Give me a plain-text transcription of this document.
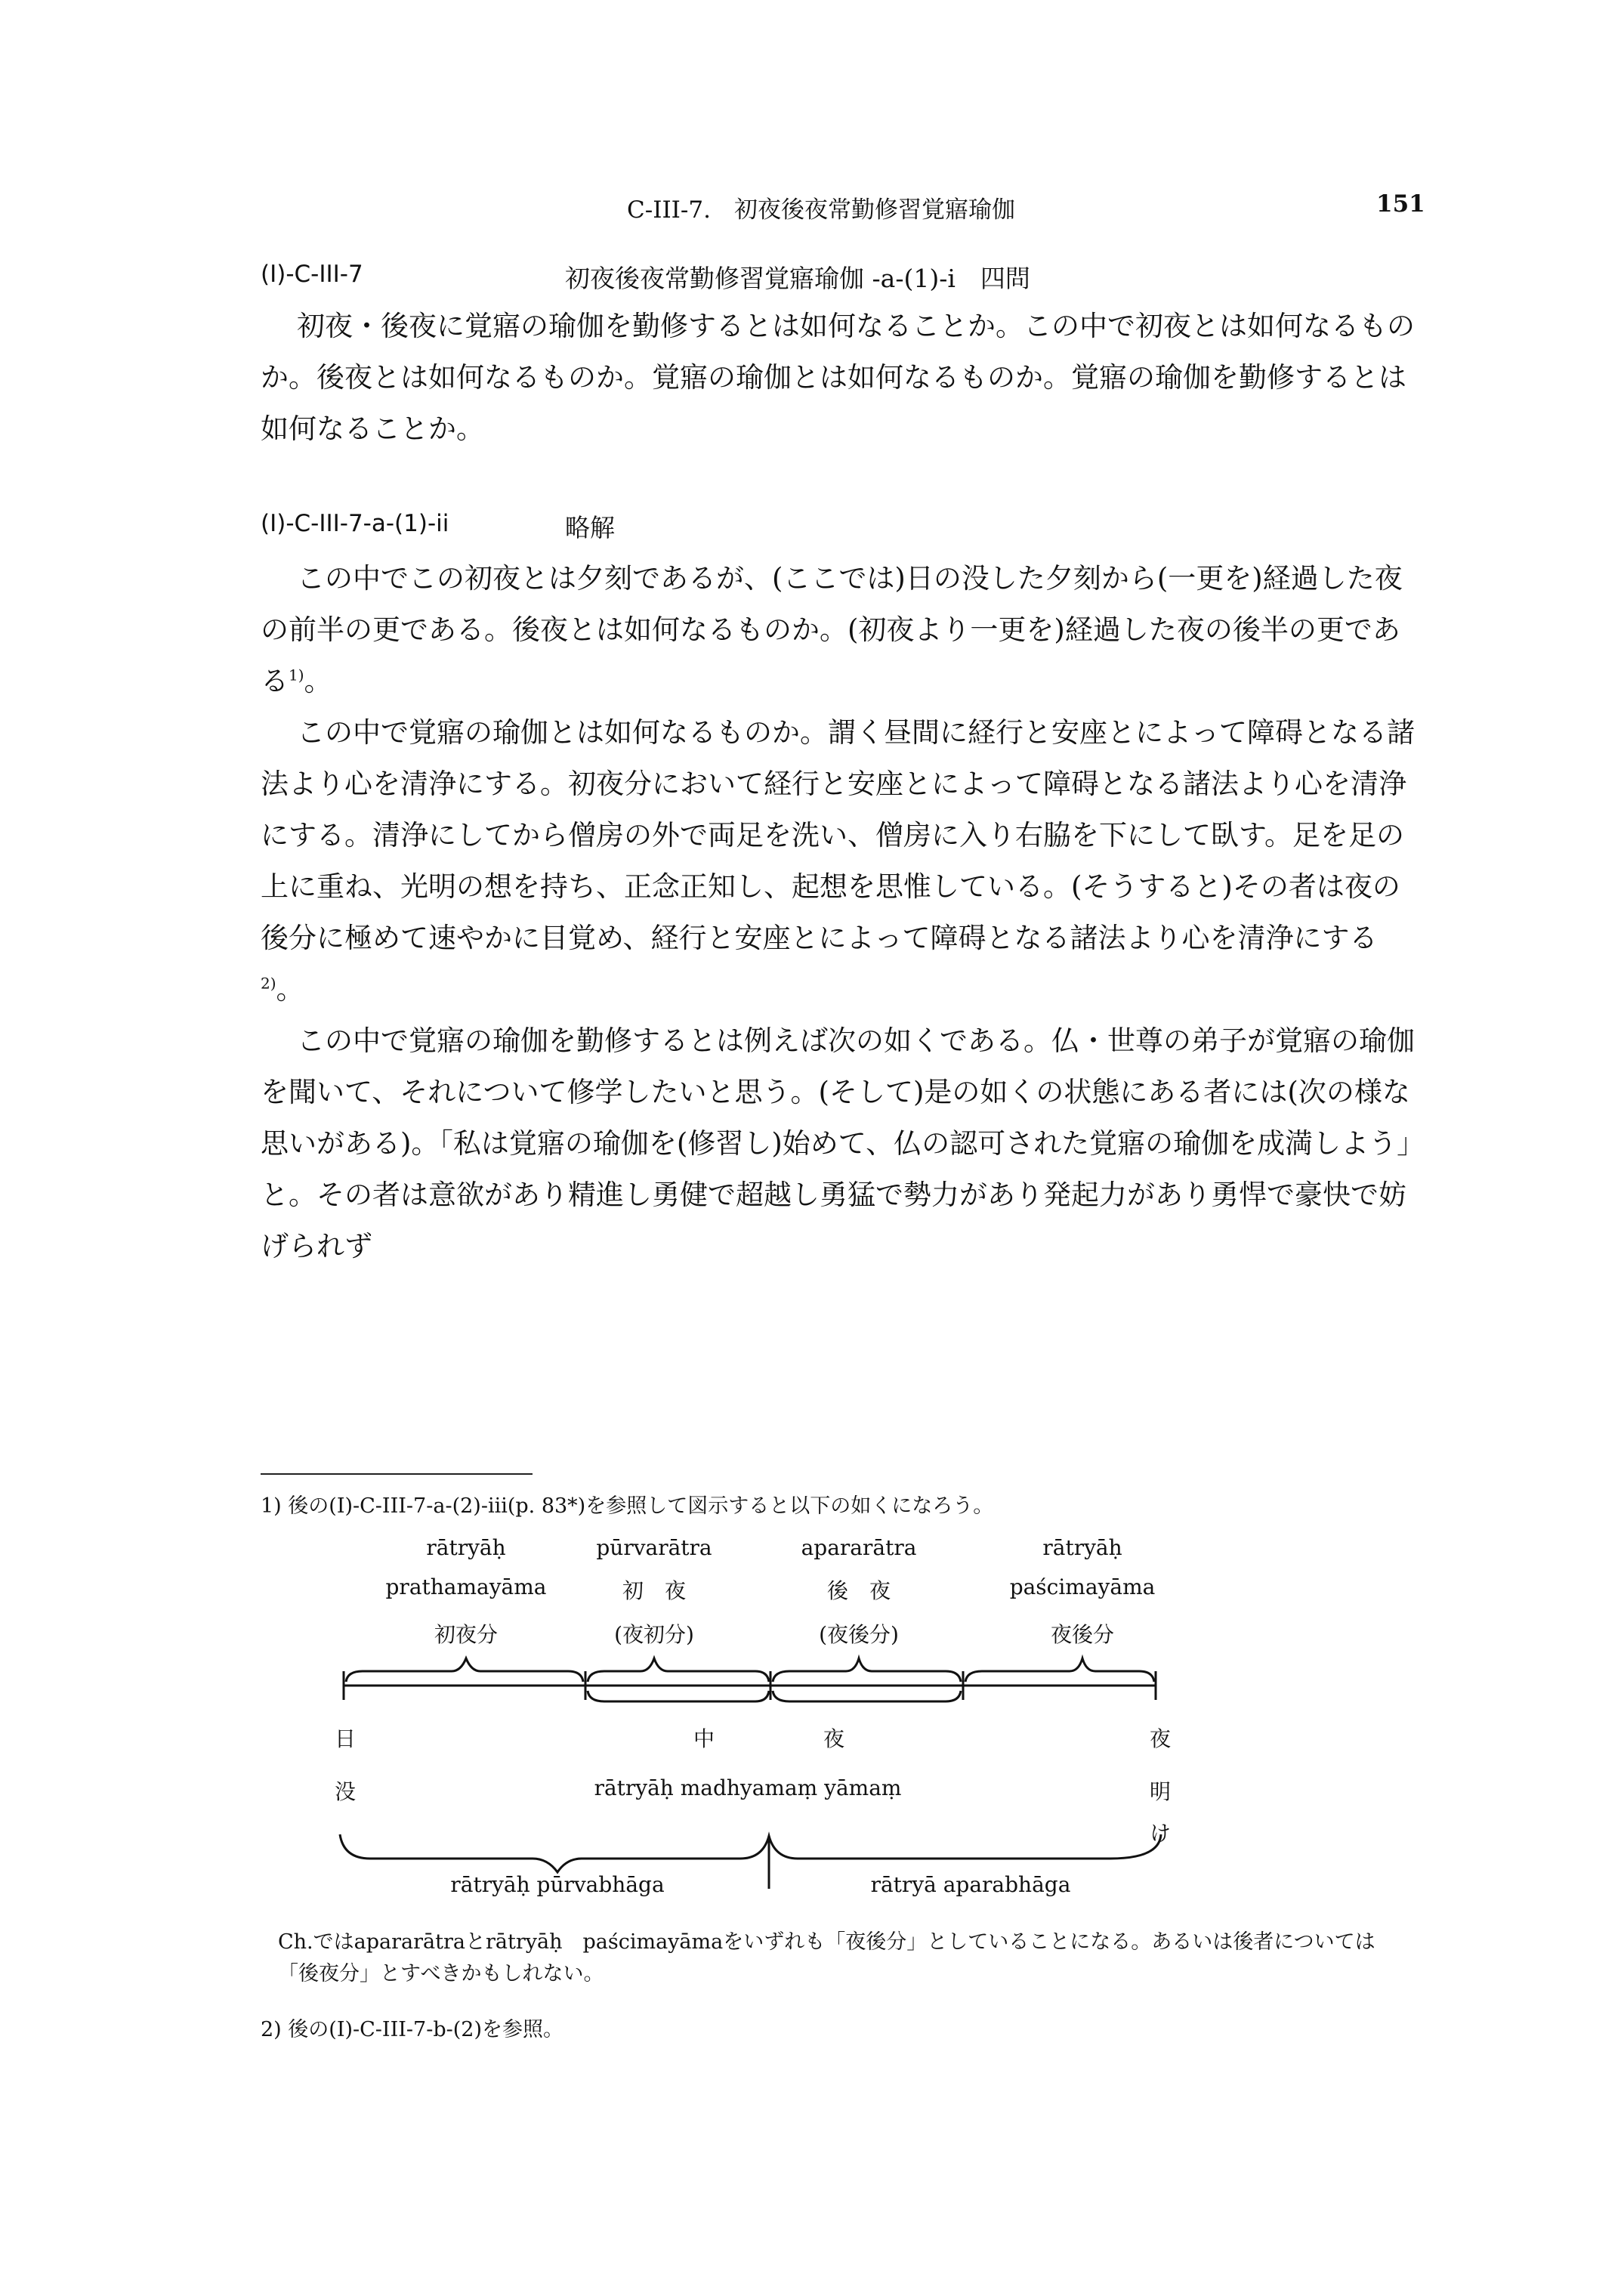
C-III-7.　初夜後夜常勤修習覚寤瑜伽	151
(I)-C-III-7	初夜後夜常勤修習覚寤瑜伽 -a-(1)-i　四問

初夜・後夜に覚寤の瑜伽を勤修するとは如何なることか。この中で初夜とは如何なるものか。後夜とは如何なるものか。覚寤の瑜伽とは如何なるものか。覚寤の瑜伽を勤修するとは如何なることか。

(I)-C-III-7-a-(1)-ii	略解

この中でこの初夜とは夕刻であるが、(ここでは)日の没した夕刻から(一更を)経過した夜の前半の更である。後夜とは如何なるものか。(初夜より一更を)経過した夜の後半の更である$^{1)}$。

この中で覚寤の瑜伽とは如何なるものか。謂く昼間に経行と安座とによって障碍となる諸法より心を清浄にする。初夜分において経行と安座とによって障碍となる諸法より心を清浄にする。清浄にしてから僧房の外で両足を洗い、僧房に入り右脇を下にして臥す。足を足の上に重ね、光明の想を持ち、正念正知し、起想を思惟している。(そうすると)その者は夜の後分に極めて速やかに目覚め、経行と安座とによって障碍となる諸法より心を清浄にする$^{2)}$。

この中で覚寤の瑜伽を勤修するとは例えば次の如くである。仏・世尊の弟子が覚寤の瑜伽を聞いて、それについて修学したいと思う。(そして)是の如くの状態にある者には(次の様な思いがある)。「私は覚寤の瑜伽を(修習し)始めて、仏の認可された覚寤の瑜伽を成満しよう」と。その者は意欲があり精進し勇健で超越し勇猛で勢力があり発起力があり勇悍で豪快で妨げられず

1) 後の(I)-C-III-7-a-(2)-iii(p. 83*)を参照して図示すると以下の如くになろう。
rātryāḥ
prathamayāma
初夜分
pūrvarātra
初　夜
(夜初分)
apararātra
後　夜
(夜後分)
rātryāḥ
paścimayāma
夜後分
日
没
夜
明
け
中	夜
rātryāḥ madhyamaṃ yāmaṃ
rātryāḥ pūrvabhāga	rātryā aparabhāga
Ch.ではapararātraとrātryāḥ　paścimayāmaをいずれも「夜後分」としていることになる。あるいは後者については「後夜分」とすべきかもしれない。
2) 後の(I)-C-III-7-b-(2)を参照。
